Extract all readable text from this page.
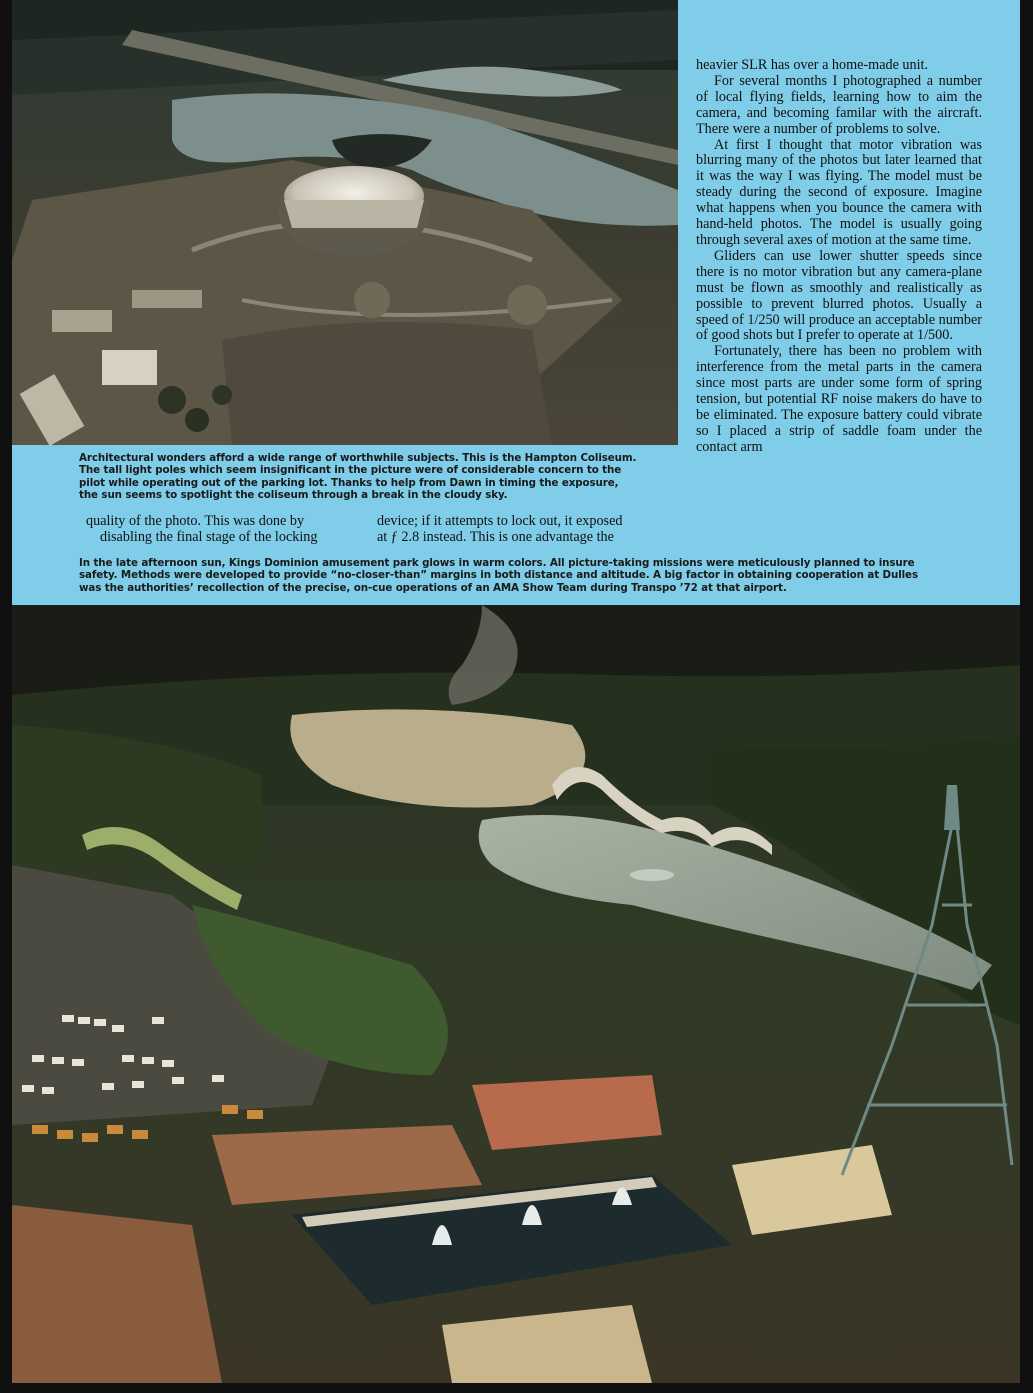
heavier SLR has over a home-made unit.

For several months I photographed a number of local flying fields, learning how to aim the camera, and becoming familar with the aircraft. There were a number of problems to solve.

At first I thought that motor vibration was blurring many of the photos but later learned that it was the way I was flying. The model must be steady during the second of exposure. Imagine what happens when you bounce the camera with hand-held photos. The model is usually going through several axes of motion at the same time.

Gliders can use lower shutter speeds since there is no motor vibration but any camera-plane must be flown as smoothly and realistically as possible to prevent blurred photos. Usually a speed of 1/250 will produce an acceptable number of good shots but I prefer to operate at 1/500.

Fortunately, there has been no problem with interference from the metal parts in the camera since most parts are under some form of spring tension, but potential RF noise makers do have to be eliminated. The exposure battery could vibrate so I placed a strip of saddle foam under the contact arm

Architectural wonders afford a wide range of worthwhile subjects. This is the Hampton Coliseum.
The tall light poles which seem insignificant in the picture were of considerable concern to the
pilot while operating out of the parking lot. Thanks to help from Dawn in timing the exposure,
the sun seems to spotlight the coliseum through a break in the cloudy sky.
quality of the photo. This was done by
disabling the final stage of the locking
device; if it attempts to lock out, it exposed
at ƒ 2.8 instead. This is one advantage the
In the late afternoon sun, Kings Dominion amusement park glows in warm colors. All picture-taking missions were meticulously planned to insure
safety. Methods were developed to provide “no-closer-than” margins in both distance and altitude. A big factor in obtaining cooperation at Dulles
was the authorities’ recollection of the precise, on-cue operations of an AMA Show Team during Transpo ’72 at that airport.
